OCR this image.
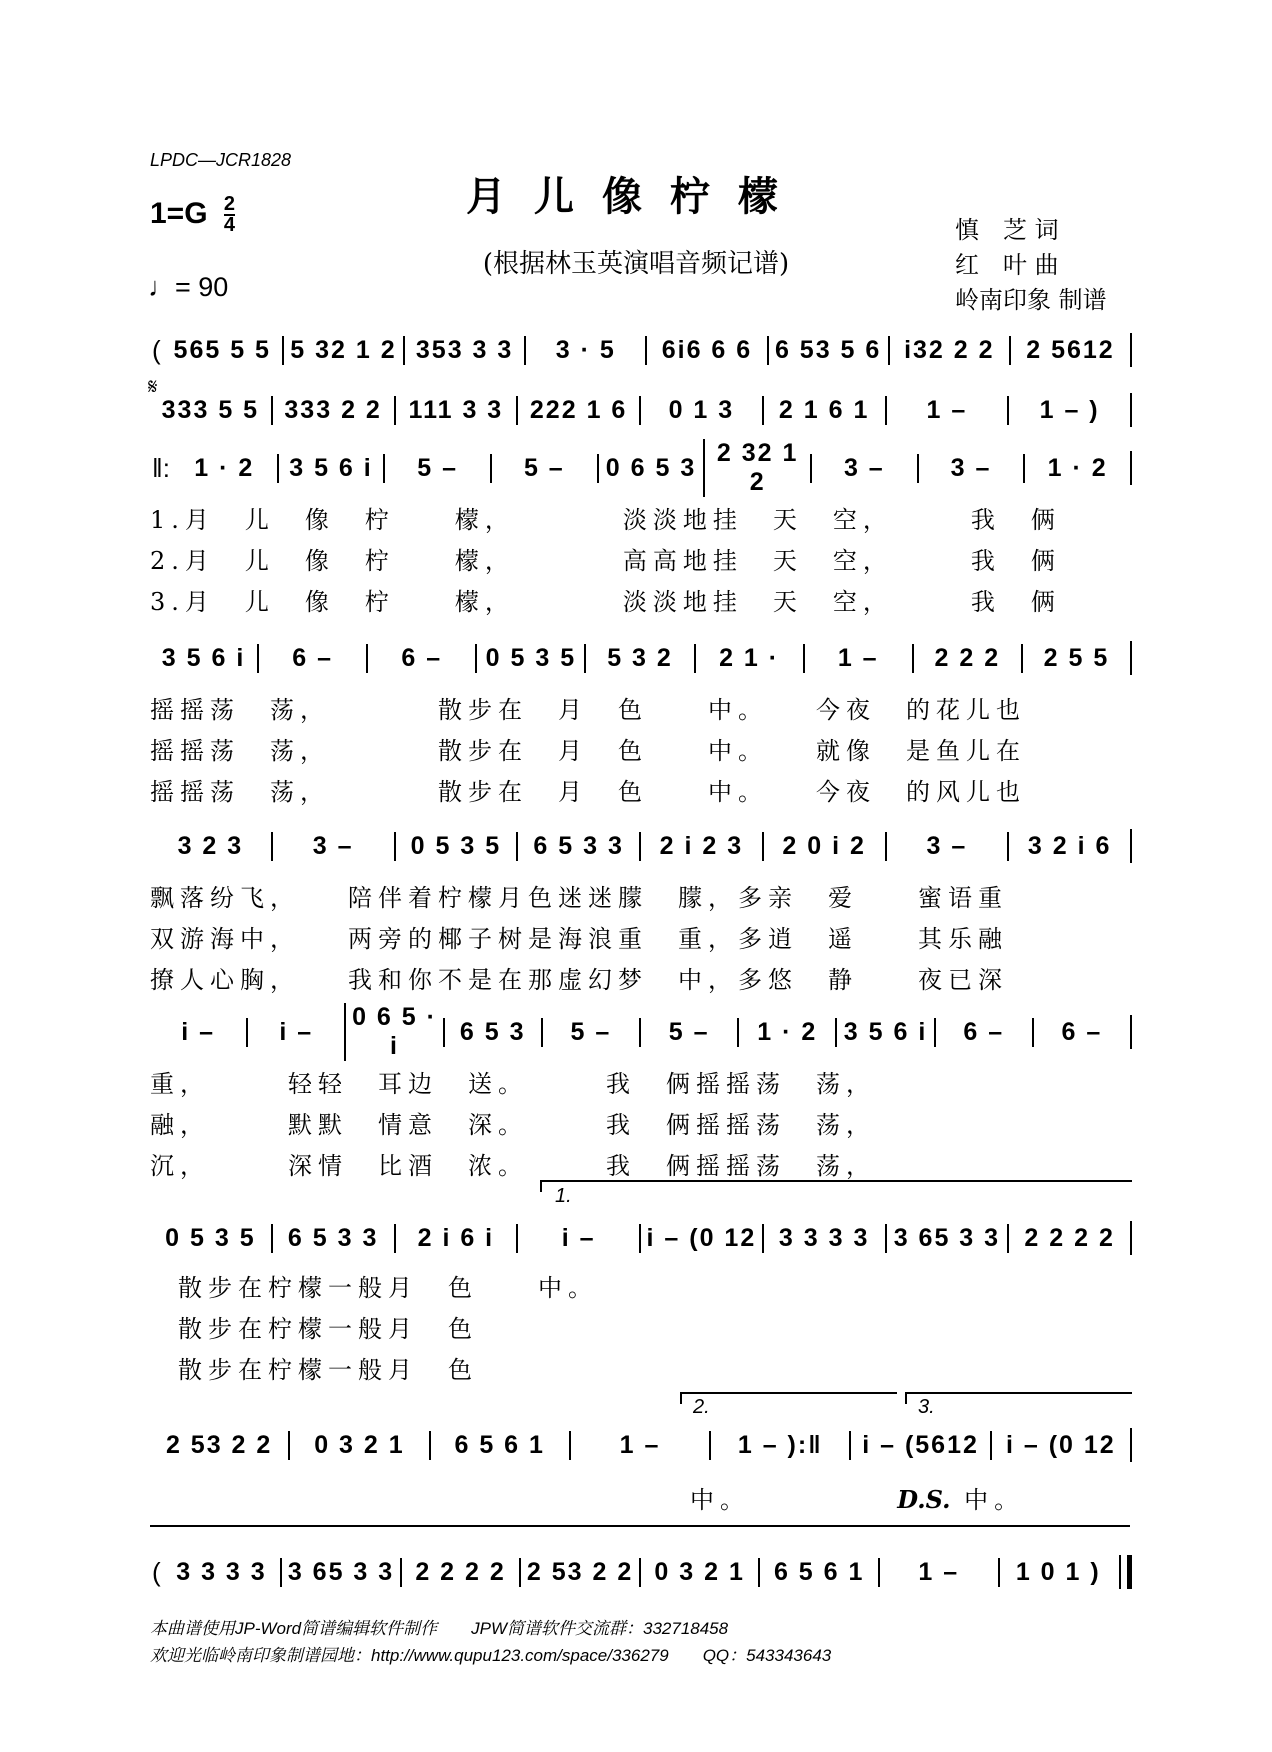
LPDC—JCR1828
月儿像柠檬
(根据林玉英演唱音频记谱)
$1=G \frac{2}{4}$
♩= 90
慎　芝 词
红　叶 曲
岭南印象 制谱
𝄋
( 565 5 5 5 32 1 2 353 3 3	3 · 5	6i6 6 6 6 53 5 6 i32 2 2	2 5612
333 5 5	333 2 2	111 3 3	222 1 6	0 1 3	2 1 6 1	1 –	1 – )
‖: 1 · 2	3 5 6 i	5 –	5 –	0 6 5 3
2 32 1 2
3 –	3 –	1 · 2
1.月　儿　像　柠　　檬，　　　　淡淡地挂　天　空，　　　我　俩
2.月　儿　像　柠　　檬，　　　　高高地挂　天　空，　　　我　俩
3.月　儿　像　柠　　檬，　　　　淡淡地挂　天　空，　　　我　俩
3 5 6 i	6 –	6 –	0 5 3 5	5 3 2	2 1 ·	1 –	2 2 2	2 5 5
摇摇荡　荡，　　　　散步在　月　色　　中。　　今夜　的花儿也
摇摇荡　荡，　　　　散步在　月　色　　中。　　就像　是鱼儿在
摇摇荡　荡，　　　　散步在　月　色　　中。　　今夜　的风儿也
3 2 3	3 –	0 5 3 5	6 5 3 3	2 i 2 3	2 0 i 2	3 –	3 2 i 6
飘落纷飞，　　陪伴着柠檬月色迷迷朦　朦，多亲　爱　　蜜语重
双游海中，　　两旁的椰子树是海浪重　重，多逍　遥　　其乐融
撩人心胸，　　我和你不是在那虚幻梦　中，多悠　静　　夜已深
i –	i –
0 6 5 · i
6 5 3	5 –	5 –	1 · 2	3 5 6 i	6 –	6 –
重，　　　轻轻　耳边　送。　　　我　俩摇摇荡　荡，
融，　　　默默　情意　深。　　　我　俩摇摇荡　荡，
沉，　　　深情　比酒　浓。　　　我　俩摇摇荡　荡，
1.
0 5 3 5	6 5 3 3	2 i 6 i	i –	i – (0 12 3 3 3 3 3 65 3 3 2 2 2 2
散步在柠檬一般月　色　　中。
散步在柠檬一般月　色
散步在柠檬一般月　色
2.	3.
2 53 2 2	0 3 2 1	6 5 6 1	1 –	1 – ):‖	i – (5612	i – (0 12
中。	D.S. 中。
( 3 3 3 3 3 65 3 3 2 2 2 2 2 53 2 2 0 3 2 1	6 5 6 1	1 –	1 0 1 )
本曲谱使用JP-Word简谱编辑软件制作　　JPW简谱软件交流群：332718458
欢迎光临岭南印象制谱园地：http://www.qupu123.com/space/336279　　QQ：543343643
